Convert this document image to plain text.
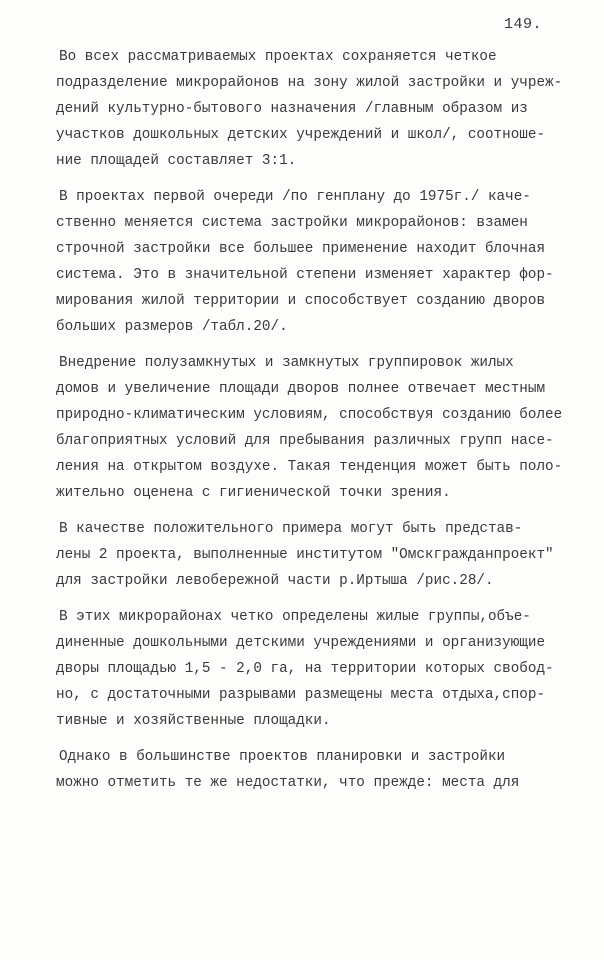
149.

Во всех рассматриваемых проектах сохраняется четкое
подразделение микрорайонов на зону жилой застройки и учреж-
дений культурно-бытового назначения /главным образом из
участков дошкольных детских учреждений и школ/, соотноше-
ние площадей составляет 3:1.

В проектах первой очереди /по генплану до 1975г./ каче-
ственно меняется система застройки микрорайонов: взамен
строчной застройки все большее применение находит блочная
система. Это в значительной степени изменяет характер фор-
мирования жилой территории и способствует созданию дворов
больших размеров /табл.20/.

Внедрение полузамкнутых и замкнутых группировок жилых
домов и увеличение площади дворов полнее отвечает местным
природно-климатическим условиям, способствуя созданию более
благоприятных условий для пребывания различных групп насе-
ления на открытом воздухе. Такая тенденция может быть поло-
жительно оценена с гигиенической точки зрения.

В качестве положительного примера могут быть представ-
лены 2 проекта, выполненные институтом "Омскгражданпроект"
для застройки левобережной части р.Иртыша /рис.28/.

В этих микрорайонах четко определены жилые группы,объе-
диненные дошкольными детскими учреждениями и организующие
дворы площадью 1,5 - 2,0 га, на территории которых свобод-
но, с достаточными разрывами размещены места отдыха,спор-
тивные и хозяйственные площадки.

Однако в большинстве проектов планировки и застройки
можно отметить те же недостатки, что прежде: места для
